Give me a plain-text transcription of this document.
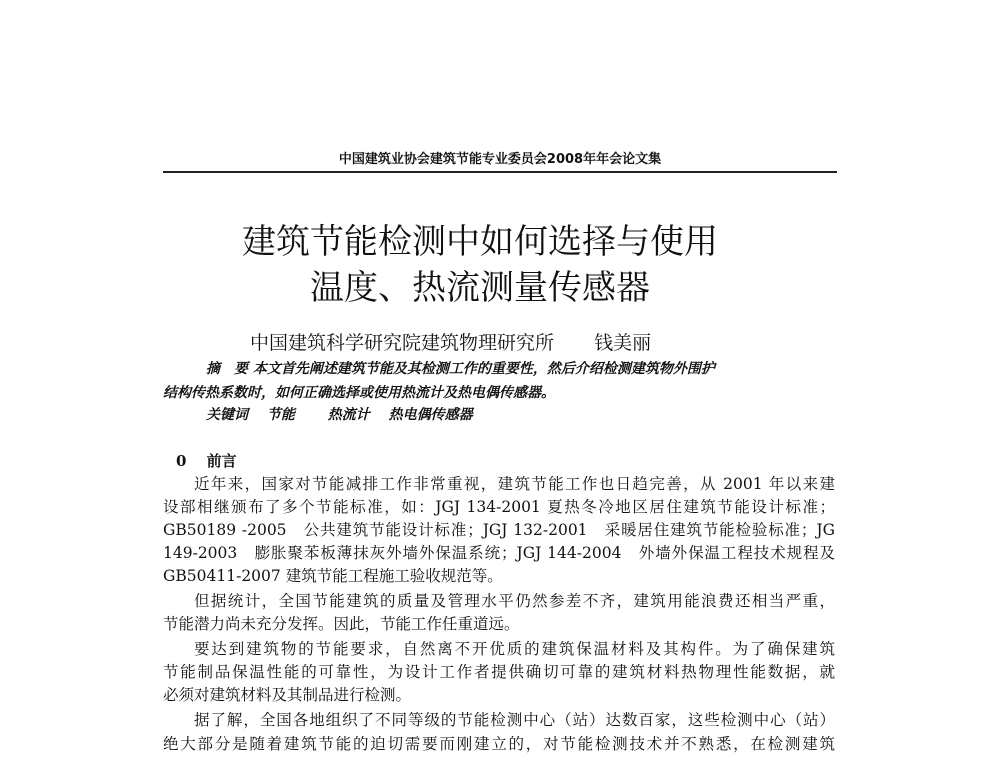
中国建筑业协会建筑节能专业委员会2008年年会论文集
建筑节能检测中如何选择与使用
温度、热流测量传感器
中国建筑科学研究院建筑物理研究所 钱美丽
摘　要 本文首先阐述建筑节能及其检测工作的重要性，然后介绍检测建筑物外围护
结构传热系数时，如何正确选择或使用热流计及热电偶传感器。
关键词　 节能　　 热流计　 热电偶传感器
0　 前言
近年来，国家对节能减排工作非常重视，建筑节能工作也日趋完善，从 2001 年以来建
设部相继颁布了多个节能标准，如：JGJ 134-2001 夏热冬冷地区居住建筑节能设计标准；
GB50189 -2005　公共建筑节能设计标准；JGJ 132-2001　采暖居住建筑节能检验标准；JG
149-2003　膨胀聚苯板薄抹灰外墙外保温系统；JGJ 144-2004　外墙外保温工程技术规程及
GB50411-2007 建筑节能工程施工验收规范等。
但据统计，全国节能建筑的质量及管理水平仍然参差不齐，建筑用能浪费还相当严重，
节能潜力尚未充分发挥。因此，节能工作任重道远。
要达到建筑物的节能要求，自然离不开优质的建筑保温材料及其构件。为了确保建筑
节能制品保温性能的可靠性，为设计工作者提供确切可靠的建筑材料热物理性能数据，就
必须对建筑材料及其制品进行检测。
据了解，全国各地组织了不同等级的节能检测中心（站）达数百家，这些检测中心（站）
绝大部分是随着建筑节能的迫切需要而刚建立的，对节能检测技术并不熟悉，在检测建筑
